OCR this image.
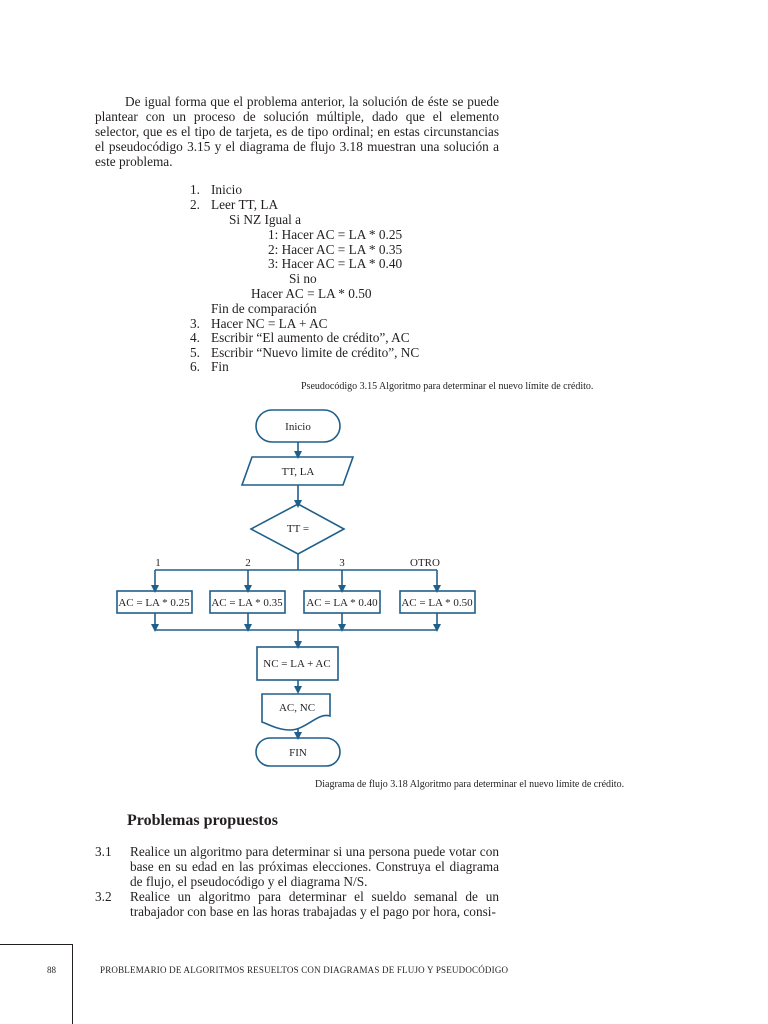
De igual forma que el problema anterior, la solución de éste se puede plantear con un proceso de solución múltiple, dado que el elemento selector, que es el tipo de tarjeta, es de tipo ordinal; en estas circunstancias el pseudocódigo 3.15 y el diagrama de flujo 3.18 muestran una solución a este problema.

1. Inicio
2. Leer TT, LA
Si NZ Igual a
1: Hacer AC = LA * 0.25
2: Hacer AC = LA * 0.35
3: Hacer AC = LA * 0.40
Si no
Hacer AC = LA * 0.50
Fin de comparación
3. Hacer NC = LA + AC
4. Escribir “El aumento de crédito”, AC
5. Escribir “Nuevo limite de crédito”, NC
6. Fin

Pseudocódigo 3.15 Algoritmo para determinar el nuevo límite de crédito.

Inicio
TT, LA
TT =
1	2	3	OTRO
AC = LA * 0.25 AC = LA * 0.35 AC = LA * 0.40 AC = LA * 0.50
NC = LA + AC
AC, NC
FIN

Diagrama de flujo 3.18 Algoritmo para determinar el nuevo límite de crédito.

Problemas propuestos
3.1 Realice un algoritmo para determinar si una persona puede votar con base en su edad en las próximas elecciones. Construya el diagrama de flujo, el pseudocódigo y el diagrama N/S.
3.2 Realice un algoritmo para determinar el sueldo semanal de un trabajador con base en las horas trabajadas y el pago por hora, consi-
88	PROBLEMARIO DE ALGORITMOS RESUELTOS CON DIAGRAMAS DE FLUJO Y PSEUDOCÓDIGO
